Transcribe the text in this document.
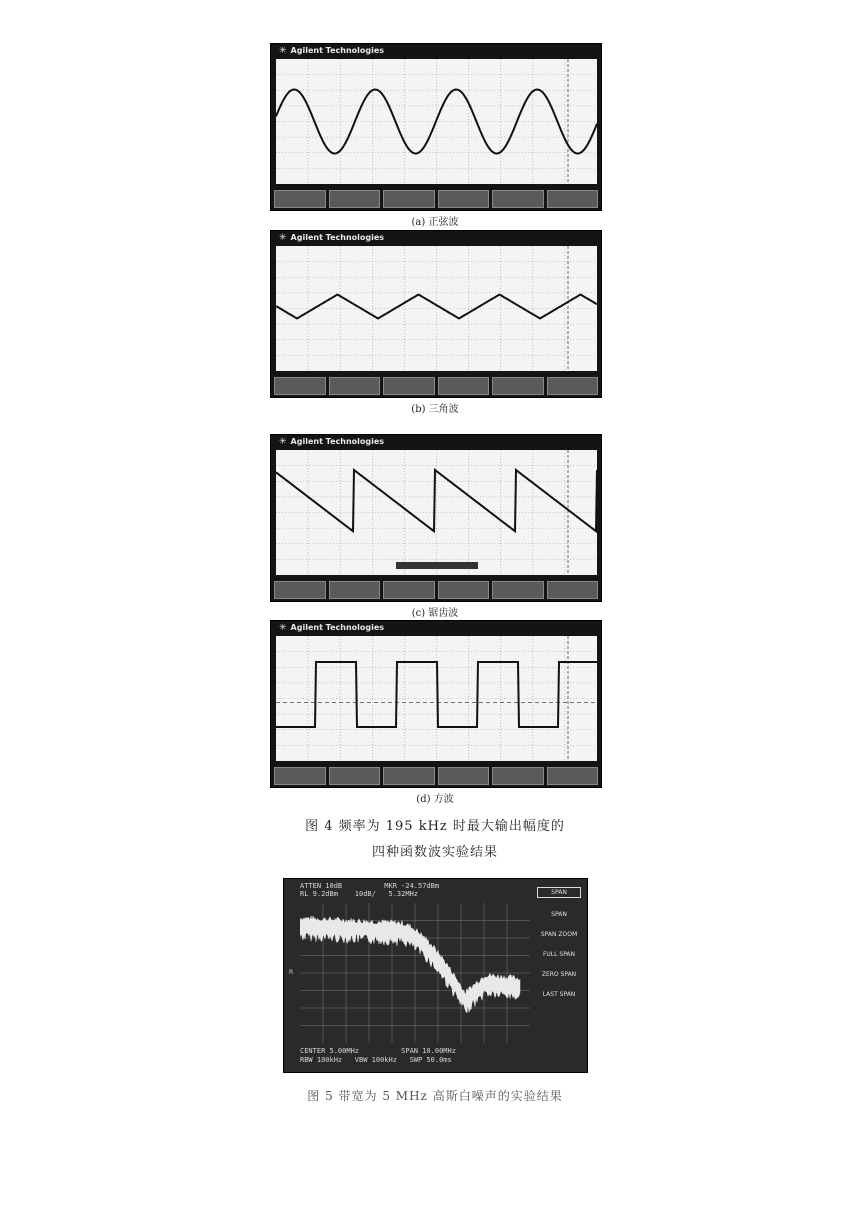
✳ Agilent Technologies
(a) 正弦波
✳ Agilent Technologies
(b) 三角波
✳ Agilent Technologies
(c) 锯齿波
✳ Agilent Technologies
(d) 方波
图 4 频率为 195 kHz 时最大输出幅度的
四种函数波实验结果
ATTEN 10dB          MKR -24.57dBm
RL 9.2dBm    10dB/   5.32MHz	SPAN
SPAN
SPAN ZOOM
FULL SPAN
ZERO SPAN
LAST SPAN
R
CENTER 5.00MHz          SPAN 10.00MHz
RBW 100kHz   VBW 100kHz   SWP 50.0ms
图 5 带宽为 5 MHz 高斯白噪声的实验结果
